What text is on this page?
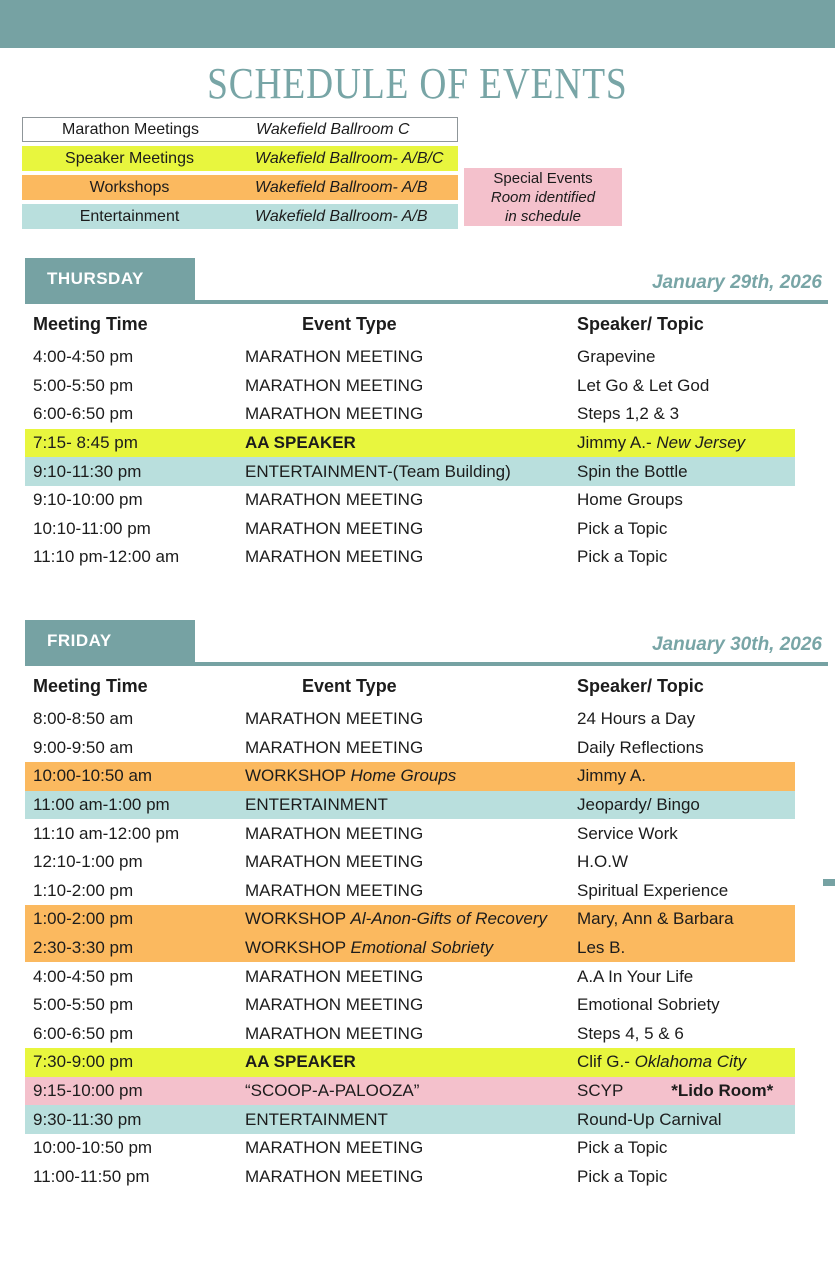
SCHEDULE OF EVENTS
Marathon Meetings	Wakefield Ballroom C
Speaker Meetings	Wakefield Ballroom- A/B/C
Workshops	Wakefield Ballroom- A/B
Entertainment	Wakefield Ballroom- A/B
Special Events
Room identified
in schedule
THURSDAY	January 29th, 2026
Meeting Time	Event Type	Speaker/ Topic
4:00-4:50 pm	MARATHON MEETING	Grapevine
5:00-5:50 pm	MARATHON MEETING	Let Go & Let God
6:00-6:50 pm	MARATHON MEETING	Steps 1,2 & 3
7:15- 8:45 pm	AA SPEAKER	Jimmy A.- New Jersey
9:10-11:30 pm	ENTERTAINMENT-(Team Building)	Spin the Bottle
9:10-10:00 pm	MARATHON MEETING	Home Groups
10:10-11:00 pm	MARATHON MEETING	Pick a Topic
11:10 pm-12:00 am	MARATHON MEETING	Pick a Topic
FRIDAY	January 30th, 2026
Meeting Time	Event Type	Speaker/ Topic
8:00-8:50 am	MARATHON MEETING	24 Hours a Day
9:00-9:50 am	MARATHON MEETING	Daily Reflections
10:00-10:50 am	WORKSHOP Home Groups	Jimmy A.
11:00 am-1:00 pm	ENTERTAINMENT	Jeopardy/ Bingo
11:10 am-12:00 pm	MARATHON MEETING	Service Work
12:10-1:00 pm	MARATHON MEETING	H.O.W
1:10-2:00 pm	MARATHON MEETING	Spiritual Experience
1:00-2:00 pm	WORKSHOP Al-Anon-Gifts of Recovery	Mary, Ann & Barbara
2:30-3:30 pm	WORKSHOP Emotional Sobriety	Les B.
4:00-4:50 pm	MARATHON MEETING	A.A In Your Life
5:00-5:50 pm	MARATHON MEETING	Emotional Sobriety
6:00-6:50 pm	MARATHON MEETING	Steps 4, 5 & 6
7:30-9:00 pm	AA SPEAKER	Clif G.- Oklahoma City
9:15-10:00 pm	“SCOOP-A-PALOOZA”	SCYP	*Lido Room*
9:30-11:30 pm	ENTERTAINMENT	Round-Up Carnival
10:00-10:50 pm	MARATHON MEETING	Pick a Topic
11:00-11:50 pm	MARATHON MEETING	Pick a Topic
